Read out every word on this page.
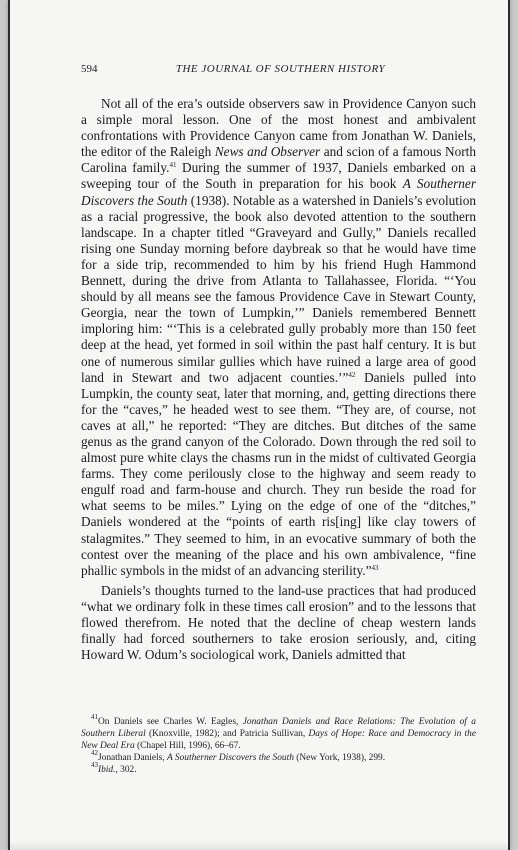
594	THE JOURNAL OF SOUTHERN HISTORY

Not all of the era’s outside observers saw in Providence Canyon such a simple moral lesson. One of the most honest and ambivalent confrontations with Providence Canyon came from Jonathan W. Daniels, the editor of the Raleigh News and Observer and scion of a famous North Carolina family.$^{41}$ During the summer of 1937, Daniels embarked on a sweeping tour of the South in preparation for his book A Southerner Discovers the South (1938). Notable as a watershed in Daniels’s evolution as a racial progressive, the book also devoted attention to the southern landscape. In a chapter titled “Graveyard and Gully,” Daniels recalled rising one Sunday morning before daybreak so that he would have time for a side trip, recommended to him by his friend Hugh Hammond Bennett, during the drive from Atlanta to Tallahassee, Florida. “‘You should by all means see the famous Providence Cave in Stewart County, Georgia, near the town of Lumpkin,’” Daniels remembered Bennett imploring him: “‘This is a celebrated gully probably more than 150 feet deep at the head, yet formed in soil within the past half century. It is but one of numerous similar gullies which have ruined a large area of good land in Stewart and two adjacent counties.’”$^{42}$ Daniels pulled into Lumpkin, the county seat, later that morning, and, getting directions there for the “caves,” he headed west to see them. “They are, of course, not caves at all,” he reported: “They are ditches. But ditches of the same genus as the grand canyon of the Colorado. Down through the red soil to almost pure white clays the chasms run in the midst of cultivated Georgia farms. They come perilously close to the highway and seem ready to engulf road and farm-house and church. They run beside the road for what seems to be miles.” Lying on the edge of one of the “ditches,” Daniels wondered at the “points of earth ris[ing] like clay towers of stalagmites.” They seemed to him, in an evocative summary of both the contest over the meaning of the place and his own ambivalence, “fine phallic symbols in the midst of an advancing sterility.”$^{43}$

Daniels’s thoughts turned to the land-use practices that had produced “what we ordinary folk in these times call erosion” and to the lessons that flowed therefrom. He noted that the decline of cheap western lands finally had forced southerners to take erosion seriously, and, citing Howard W. Odum’s sociological work, Daniels admitted that

$^{41}$On Daniels see Charles W. Eagles, Jonathan Daniels and Race Relations: The Evolution of a Southern Liberal (Knoxville, 1982); and Patricia Sullivan, Days of Hope: Race and Democracy in the New Deal Era (Chapel Hill, 1996), 66–67.

$^{42}$Jonathan Daniels, A Southerner Discovers the South (New York, 1938), 299.

$^{43}$Ibid., 302.
